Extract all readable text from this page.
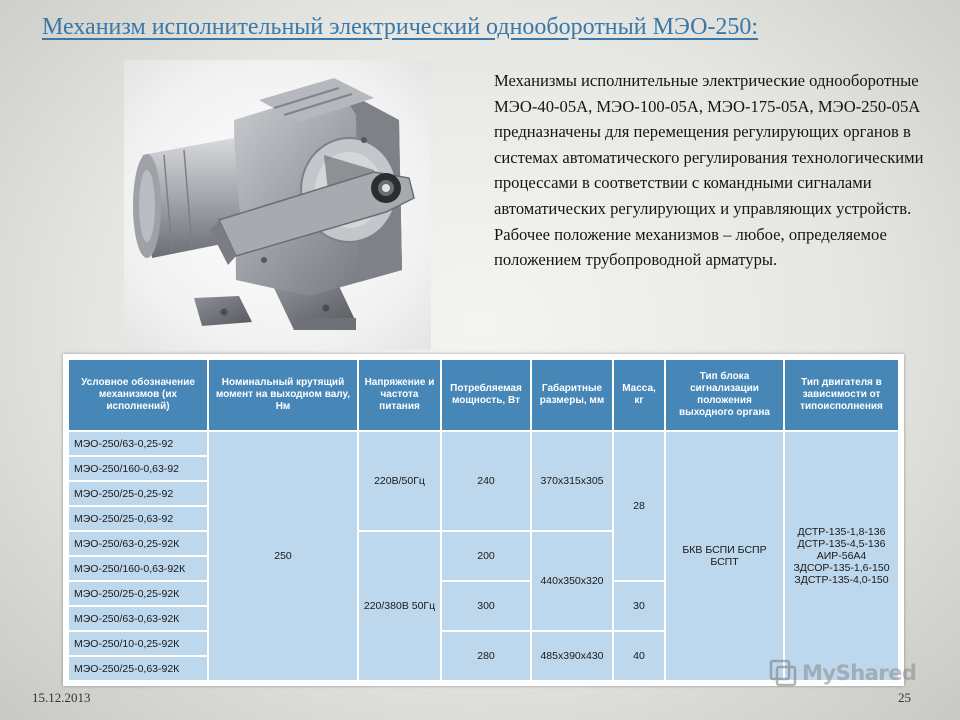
Механизм исполнительный электрический однооборотный МЭО-250:

Механизмы исполнительные электрические однооборотные МЭО-40-05А, МЭО-100-05А, МЭО-175-05А, МЭО-250-05А предназначены для перемещения регулирующих органов в системах автоматического регулирования технологическими процессами в соответствии с командными сигналами автоматических регулирующих и управляющих устройств. Рабочее положение механизмов – любое, определяемое положением трубопроводной арматуры.

Условное обозначение механизмов (их исполнений)	Номинальный крутящий момент на выходном валу, Нм	Напряжение и частота питания	Потребляемая мощность, Вт	Габаритные размеры, мм	Масса, кг	Тип блока сигнализации положения выходного органа	Тип двигателя в зависимости от типоисполнения
МЭО-250/63-0,25-92	250	220В/50Гц	240	370х315х305	28	БКВ БСПИ БСПР БСПТ	ДСТР-135-1,8-136 ДСТР-135-4,5-136 АИР-56А4 ЗДСОР-135-1,6-150 ЗДСТР-135-4,0-150
МЭО-250/160-0,63-92							
МЭО-250/25-0,25-92							
МЭО-250/25-0,63-92							
МЭО-250/63-0,25-92К		220/380В 50Гц	200	440х350х320			
МЭО-250/160-0,63-92К							
МЭО-250/25-0,25-92К			300		30		
МЭО-250/63-0,63-92К							
МЭО-250/10-0,25-92К			280	485х390х430	40		
МЭО-250/25-0,63-92К							
15.12.2013	25
MyShared
